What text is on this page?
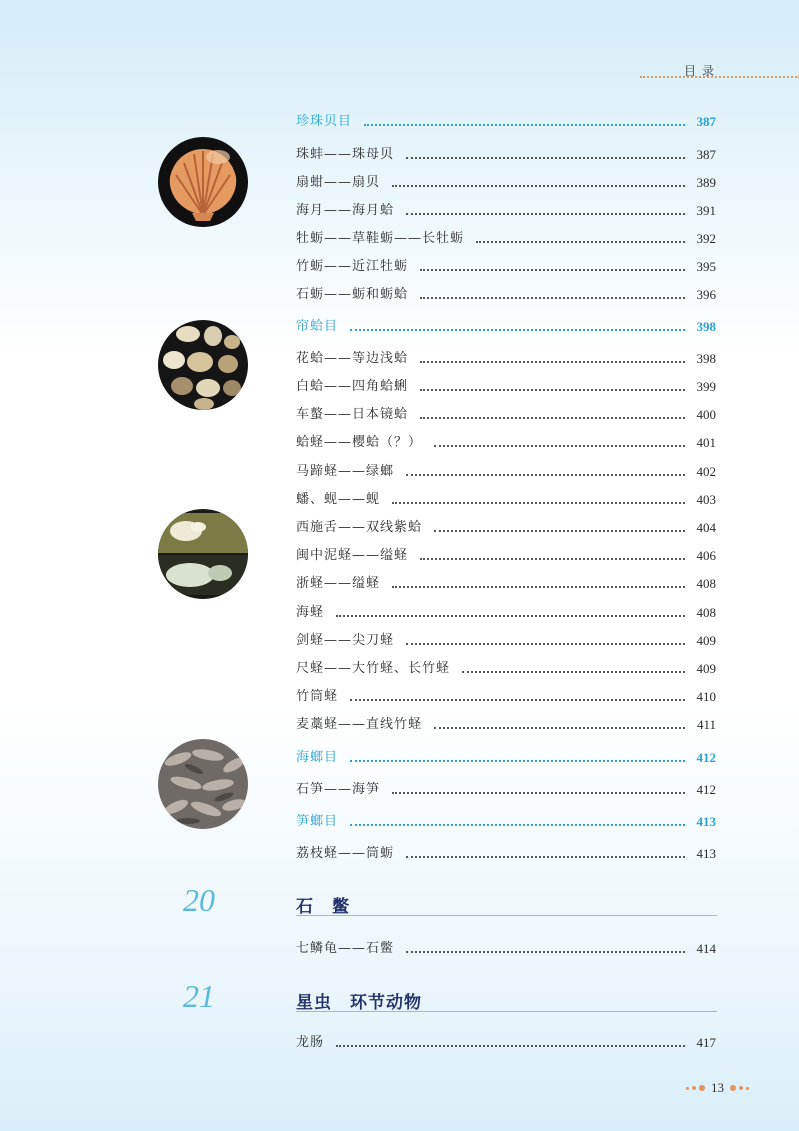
目录
珍珠贝目	387
珠蚌——珠母贝	387
扇蚶——扇贝	389
海月——海月蛤	391
牡蛎——草鞋蛎——长牡蛎	392
竹蛎——近江牡蛎	395
石蛎——蛎和蛎蛤	396
帘蛤目	398
花蛤——等边浅蛤	398
白蛤——四角蛤蜊	399
车螯——日本镜蛤	400
蛤蛏——樱蛤（？）	401
马蹄蛏——绿螂	402
蟠、蚬——蚬	403
西施舌——双线紫蛤	404
闽中泥蛏——缢蛏	406
浙蛏——缢蛏	408
海蛏	408
剑蛏——尖刀蛏	409
尺蛏——大竹蛏、长竹蛏	409
竹筒蛏	410
麦藁蛏——直线竹蛏	411
海螂目	412
石笋——海笋	412
笋螂目	413
荔枝蛏——筒蛎	413
20	石　鳖
七鳞龟——石鳖	414
21	星虫　环节动物
龙肠	417
13
